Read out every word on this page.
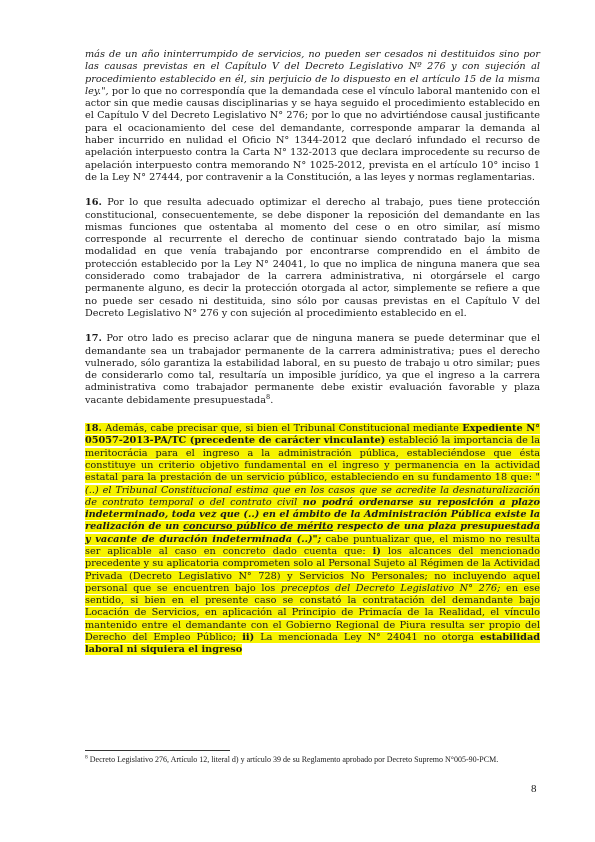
más de un año ininterrumpido de servicios, no pueden ser cesados ni destituidos sino por las causas previstas en el Capítulo V del Decreto Legislativo Nº 276 y con sujeción al procedimiento establecido en él, sin perjuicio de lo dispuesto en el artículo 15 de la misma ley.", por lo que no correspondía que la demandada cese el vínculo laboral mantenido con el actor sin que medie causas disciplinarias y se haya seguido el procedimiento establecido en el Capítulo V del Decreto Legislativo N° 276; por lo que no advirtiéndose causal justificante para el ocacionamiento del cese del demandante, corresponde amparar la demanda al haber incurrido en nulidad el Oficio N° 1344-2012 que declaró infundado el recurso de apelación interpuesto contra la Carta N° 132-2013 que declara improcedente su recurso de apelación interpuesto contra memorando N° 1025-2012, prevista en el artículo 10° inciso 1 de la Ley N° 27444, por contravenir a la Constitución, a las leyes y normas reglamentarias.

16. Por lo que resulta adecuado optimizar el derecho al trabajo, pues tiene protección constitucional, consecuentemente, se debe disponer la reposición del demandante en las mismas funciones que ostentaba al momento del cese o en otro similar, así mismo corresponde al recurrente el derecho de continuar siendo contratado bajo la misma modalidad en que venía trabajando por encontrarse comprendido en el ámbito de protección establecido por la Ley N° 24041, lo que no implica de ninguna manera que sea considerado como trabajador de la carrera administrativa, ni otorgársele el cargo permanente alguno, es decir la protección otorgada al actor, simplemente se refiere a que no puede ser cesado ni destituida, sino sólo por causas previstas en el Capítulo V del Decreto Legislativo N° 276 y con sujeción al procedimiento establecido en el.

17. Por otro lado es preciso aclarar que de ninguna manera se puede determinar que el demandante sea un trabajador permanente de la carrera administrativa; pues el derecho vulnerado, sólo garantiza la estabilidad laboral, en su puesto de trabajo u otro similar; pues de considerarlo como tal, resultaría un imposible jurídico, ya que el ingreso a la carrera administrativa como trabajador permanente debe existir evaluación favorable y plaza vacante debidamente presupuestada$^8$.

18. Además, cabe precisar que, si bien el Tribunal Constitucional mediante Expediente N° 05057-2013-PA/TC (precedente de carácter vinculante) estableció la importancia de la meritocrácia para el ingreso a la administración pública, estableciéndose que ésta constituye un criterio objetivo fundamental en el ingreso y permanencia en la actividad estatal para la prestación de un servicio público, estableciendo en su fundamento 18 que: "(..) el Tribunal Constitucional estima que en los casos que se acredite la desnaturalización de contrato temporal o del contrato civil no podrá ordenarse su reposición a plazo indeterminado, toda vez que (..) en el ámbito de la Administración Pública existe la realización de un concurso público de mérito respecto de una plaza presupuestada y vacante de duración indeterminada (..)"; cabe puntualizar que, el mismo no resulta ser aplicable al caso en concreto dado cuenta que: i) los alcances del mencionado precedente y su aplicatoria comprometen solo al Personal Sujeto al Régimen de la Actividad Privada (Decreto Legislativo N° 728) y Servicios No Personales; no incluyendo aquel personal que se encuentren bajo los preceptos del Decreto Legislativo N° 276; en ese sentido, si bien en el presente caso se constató la contratación del demandante bajo Locación de Servicios, en aplicación al Principio de Primacía de la Realidad, el vínculo mantenido entre el demandante con el Gobierno Regional de Piura resulta ser propio del Derecho del Empleo Público; ii) La mencionada Ley N° 24041 no otorga estabilidad laboral ni siquiera el ingreso

$^8$ Decreto Legislativo 276, Artículo 12, literal d) y artículo 39 de su Reglamento aprobado por Decreto Supremo N°005-90-PCM.
8
